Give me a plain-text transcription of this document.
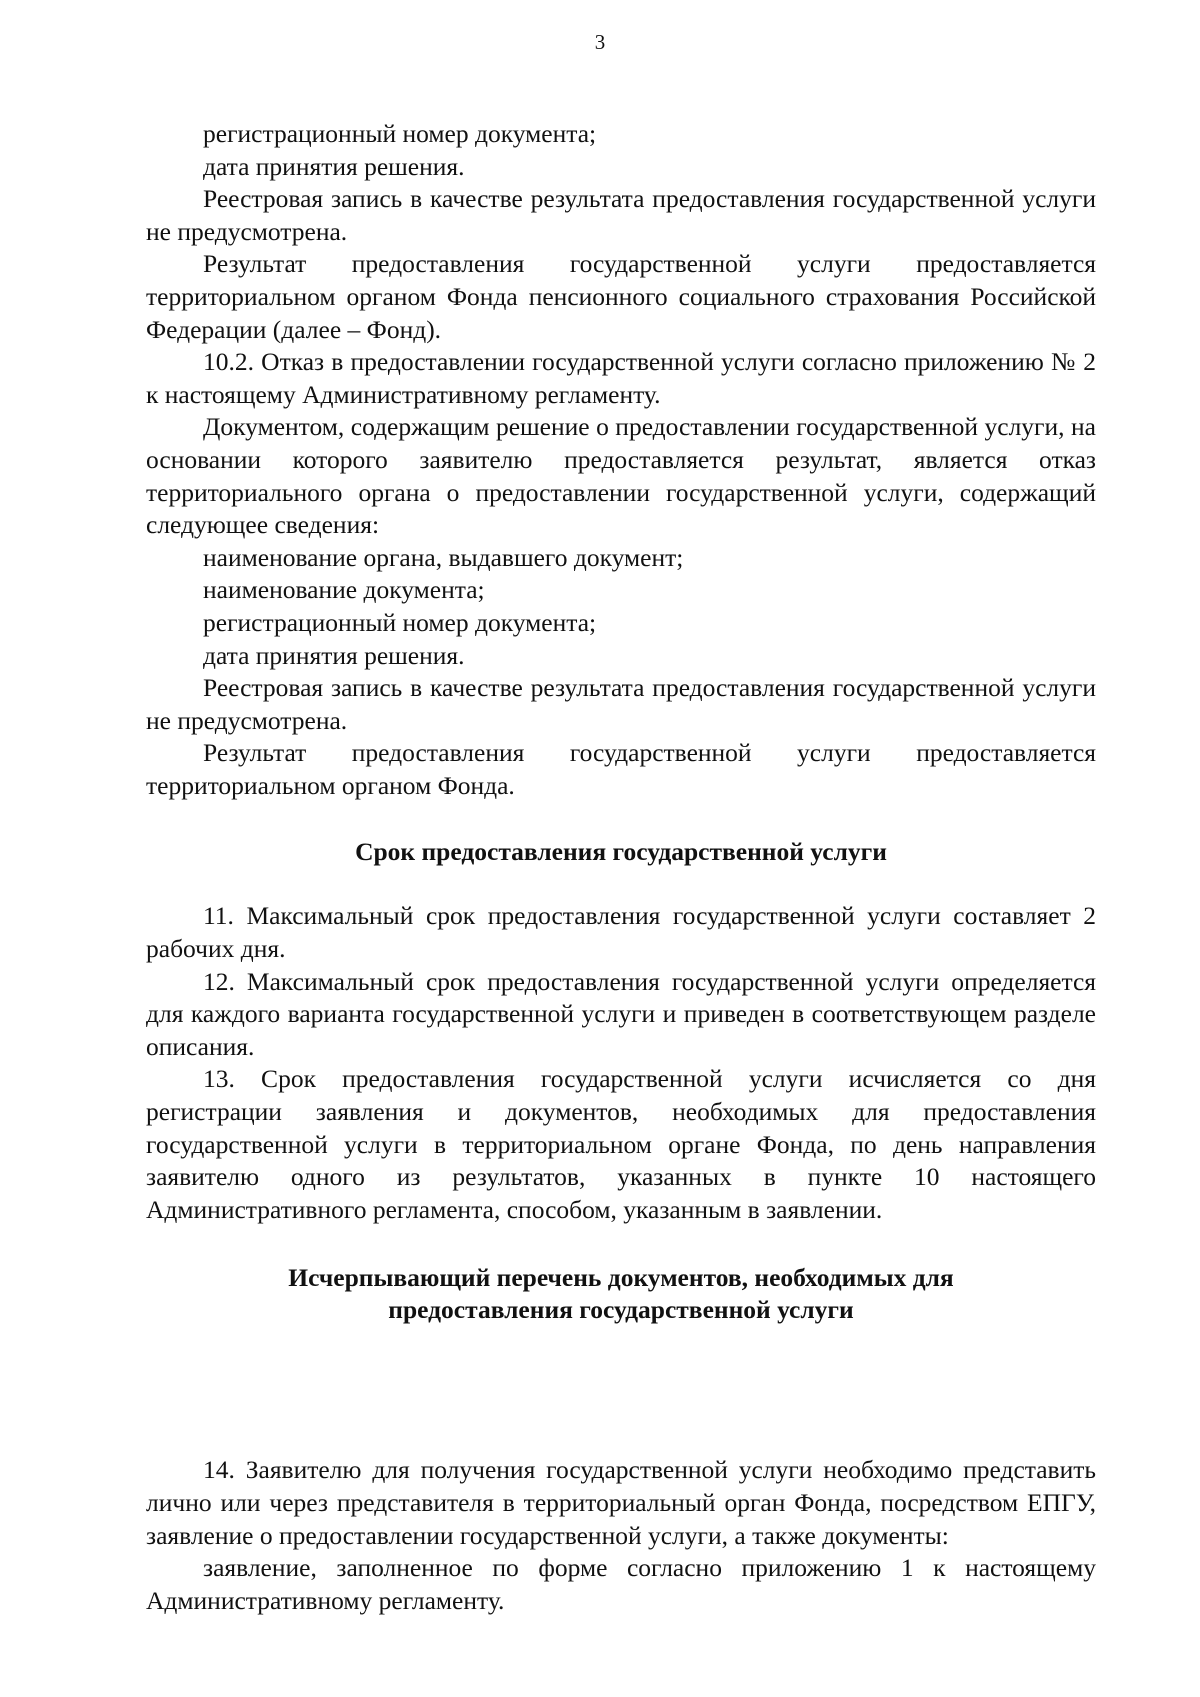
3

регистрационный номер документа;

дата принятия решения.

Реестровая запись в качестве результата предоставления государственной услуги не предусмотрена.

Результат предоставления государственной услуги предоставляется территориальном органом Фонда пенсионного социального страхования Российской Федерации (далее – Фонд).

10.2. Отказ в предоставлении государственной услуги согласно приложению № 2 к настоящему Административному регламенту.

Документом, содержащим решение о предоставлении государственной услуги, на основании которого заявителю предоставляется результат, является отказ территориального органа о предоставлении государственной услуги, содержащий следующее сведения:

наименование органа, выдавшего документ;

наименование документа;

регистрационный номер документа;

дата принятия решения.

Реестровая запись в качестве результата предоставления государственной услуги не предусмотрена.

Результат предоставления государственной услуги предоставляется территориальном органом Фонда.

Срок предоставления государственной услуги

11. Максимальный срок предоставления государственной услуги составляет 2 рабочих дня.

12. Максимальный срок предоставления государственной услуги определяется для каждого варианта государственной услуги и приведен в соответствующем разделе описания.

13. Срок предоставления государственной услуги исчисляется со дня регистрации заявления и документов, необходимых для предоставления государственной услуги в территориальном органе Фонда, по день направления заявителю одного из результатов, указанных в пункте 10 настоящего Административного регламента, способом, указанным в заявлении.

Исчерпывающий перечень документов, необходимых для
предоставления государственной услуги

14. Заявителю для получения государственной услуги необходимо представить лично или через представителя в территориальный орган Фонда, посредством ЕПГУ, заявление о предоставлении государственной услуги, а также документы:

заявление, заполненное по форме согласно приложению 1 к настоящему Административному регламенту.
